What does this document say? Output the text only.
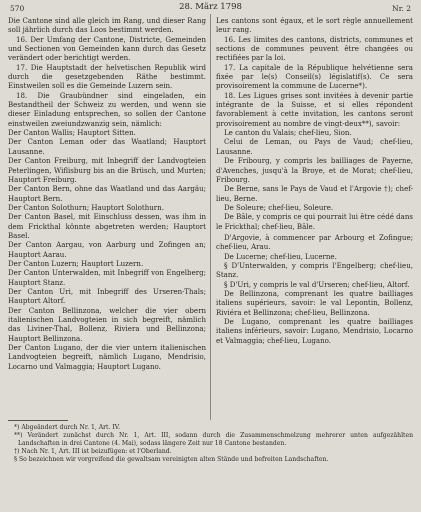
570	28. März 1798	Nr. 2

Die Cantone sind alle gleich im Rang, und dieser Rang soll jährlich durch das Loos bestimmt werden.

16. Der Umfang der Cantone, Districte, Gemeinden und Sectionen von Gemeinden kann durch das Gesetz verändert oder berichtigt werden.

17. Die Hauptstadt der helvetischen Republik wird durch die gesetzgebenden Räthe bestimmt. Einstweilen soll es die Gemeinde Luzern sein.

18. Die Graubündner sind eingeladen, ein Bestandtheil der Schweiz zu werden, und wenn sie dieser Einladung entsprechen, so sollen der Cantone einstweilen zweiundzwanzig sein, nämlich:

Der Canton Wallis; Hauptort Sitten.

Der Canton Leman oder das Waatland; Hauptort Lausanne.

Der Canton Freiburg, mit Inbegriff der Landvogteien Peterlingen, Wiflisburg bis an die Brüsch, und Murten; Hauptort Freiburg.

Der Canton Bern, ohne das Waatland und das Aargäu; Hauptort Bern.

Der Canton Solothurn; Hauptort Solothurn.

Der Canton Basel, mit Einschluss dessen, was ihm in dem Frickthal könnte abgetreten werden; Hauptort Basel.

Der Canton Aargau, von Aarburg und Zofingen an; Hauptort Aarau.

Der Canton Luzern; Hauptort Luzern.

Der Canton Unterwalden, mit Inbegriff von Engelberg; Hauptort Stanz.

Der Canton Uri, mit Inbegriff des Urseren-Thals; Hauptort Altorf.

Der Canton Bellinzona, welcher die vier obern italienischen Landvogteien in sich begreift, nämlich das Liviner-Thal, Bollenz, Riviera und Bellinzona; Hauptort Bellinzona.

Der Canton Lugano, der die vier untern italienischen Landvogteien begreift, nämlich Lugano, Mendrisio, Locarno und Valmaggia; Hauptort Lugano.

Les cantons sont égaux, et le sort règle annuellement leur rang.

16. Les limites des cantons, districts, communes et sections de communes peuvent être changées ou rectifiées par la loi.

17. La capitale de la République helvétienne sera fixée par le(s) Conseil(s) législatif(s). Ce sera provisoirement la commune de Lucerne*).

18. Les Ligues grises sont invitées à devenir partie intégrante de la Suisse, et si elles répondent favorablement à cette invitation, les cantons seront provisoirement au nombre de vingt-deux**), savoir:

Le canton du Valais; chef-lieu, Sion.

Celui de Leman, ou Pays de Vaud; chef-lieu, Lausanne.

De Fribourg, y compris les bailliages de Payerne, d'Avenches, jusqu'à la Broye, et de Morat; chef-lieu, Fribourg.

De Berne, sans le Pays de Vaud et l'Argovie †); chef-lieu, Berne.

De Soleure; chef-lieu, Soleure.

De Bâle, y compris ce qui pourrait lui être cédé dans le Frickthal; chef-lieu, Bâle.

D'Argovie, à commencer par Arbourg et Zofingue; chef-lieu, Arau.

De Lucerne; chef-lieu, Lucerne.

§ D'Unterwalden, y compris l'Engelberg; chef-lieu, Stanz.

§ D'Uri, y compris le val d'Urseren; chef-lieu, Altorf.

De Bellinzona, comprenant les quatre bailliages italiens supérieurs, savoir: le val Lepontin, Bollenz, Riviéra et Bellinzona; chef-lieu, Bellinzona.

De Lugano, comprenant les quatre bailliages italiens inférieurs, savoir: Lugano, Mendrisio, Locarno et Valmaggia; chef-lieu, Lugano.

*) Abgeändert durch Nr. 1, Art. IV.

**) Verändert zunächst durch Nr. 1, Art. III, sodann durch die Zusammenschmelzung mehrerer unten aufgezählten Landschaften in drei Cantone (4. Mai), sodass längere Zeit nur 18 Cantone bestanden.

†) Nach Nr. 1, Art. III ist beizufügen: et l'Oberland.

§ So bezeichnen wir vorgreifend die gewaltsam vereinigten alten Stände und befreiten Landschaften.
